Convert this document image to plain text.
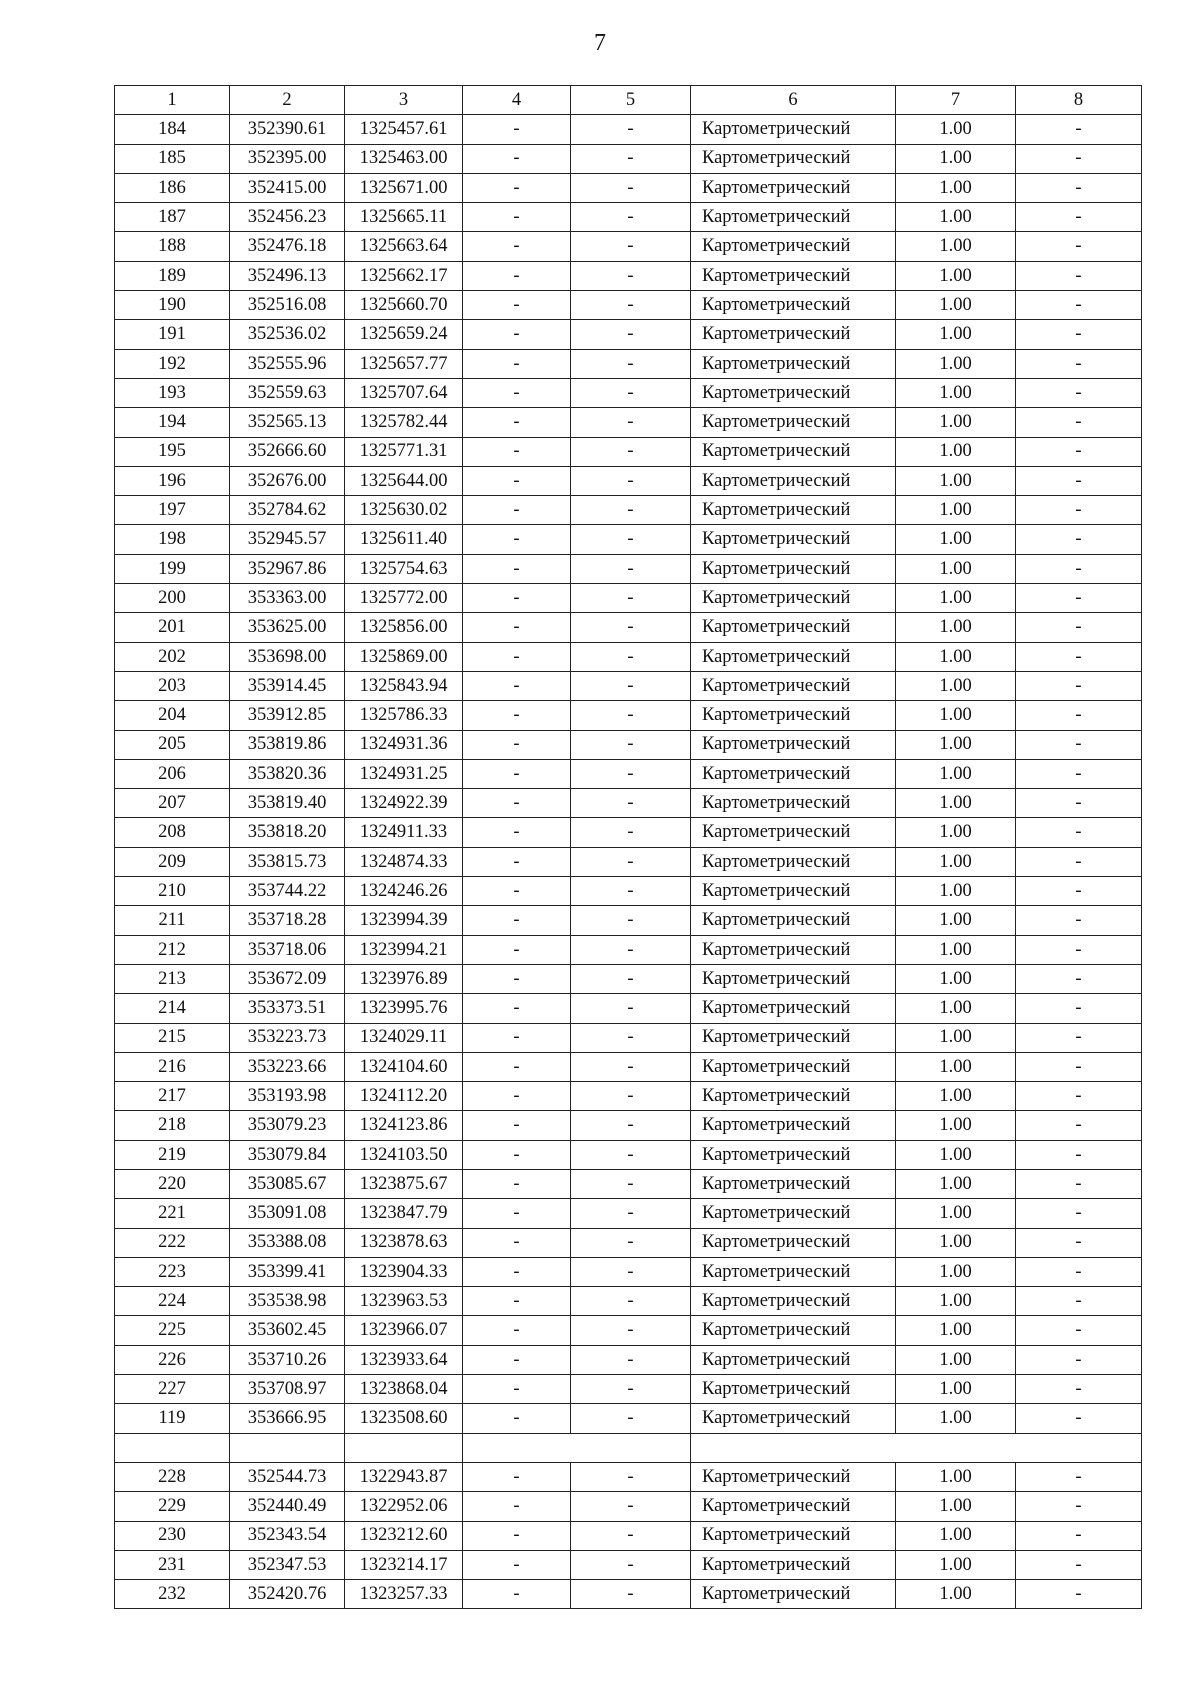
7
1	2	3	4	5	6	7	8
184	352390.61	1325457.61	-	-	Картометрический	1.00	-
185	352395.00	1325463.00	-	-	Картометрический	1.00	-
186	352415.00	1325671.00	-	-	Картометрический	1.00	-
187	352456.23	1325665.11	-	-	Картометрический	1.00	-
188	352476.18	1325663.64	-	-	Картометрический	1.00	-
189	352496.13	1325662.17	-	-	Картометрический	1.00	-
190	352516.08	1325660.70	-	-	Картометрический	1.00	-
191	352536.02	1325659.24	-	-	Картометрический	1.00	-
192	352555.96	1325657.77	-	-	Картометрический	1.00	-
193	352559.63	1325707.64	-	-	Картометрический	1.00	-
194	352565.13	1325782.44	-	-	Картометрический	1.00	-
195	352666.60	1325771.31	-	-	Картометрический	1.00	-
196	352676.00	1325644.00	-	-	Картометрический	1.00	-
197	352784.62	1325630.02	-	-	Картометрический	1.00	-
198	352945.57	1325611.40	-	-	Картометрический	1.00	-
199	352967.86	1325754.63	-	-	Картометрический	1.00	-
200	353363.00	1325772.00	-	-	Картометрический	1.00	-
201	353625.00	1325856.00	-	-	Картометрический	1.00	-
202	353698.00	1325869.00	-	-	Картометрический	1.00	-
203	353914.45	1325843.94	-	-	Картометрический	1.00	-
204	353912.85	1325786.33	-	-	Картометрический	1.00	-
205	353819.86	1324931.36	-	-	Картометрический	1.00	-
206	353820.36	1324931.25	-	-	Картометрический	1.00	-
207	353819.40	1324922.39	-	-	Картометрический	1.00	-
208	353818.20	1324911.33	-	-	Картометрический	1.00	-
209	353815.73	1324874.33	-	-	Картометрический	1.00	-
210	353744.22	1324246.26	-	-	Картометрический	1.00	-
211	353718.28	1323994.39	-	-	Картометрический	1.00	-
212	353718.06	1323994.21	-	-	Картометрический	1.00	-
213	353672.09	1323976.89	-	-	Картометрический	1.00	-
214	353373.51	1323995.76	-	-	Картометрический	1.00	-
215	353223.73	1324029.11	-	-	Картометрический	1.00	-
216	353223.66	1324104.60	-	-	Картометрический	1.00	-
217	353193.98	1324112.20	-	-	Картометрический	1.00	-
218	353079.23	1324123.86	-	-	Картометрический	1.00	-
219	353079.84	1324103.50	-	-	Картометрический	1.00	-
220	353085.67	1323875.67	-	-	Картометрический	1.00	-
221	353091.08	1323847.79	-	-	Картометрический	1.00	-
222	353388.08	1323878.63	-	-	Картометрический	1.00	-
223	353399.41	1323904.33	-	-	Картометрический	1.00	-
224	353538.98	1323963.53	-	-	Картометрический	1.00	-
225	353602.45	1323966.07	-	-	Картометрический	1.00	-
226	353710.26	1323933.64	-	-	Картометрический	1.00	-
227	353708.97	1323868.04	-	-	Картометрический	1.00	-
119	353666.95	1323508.60	-	-	Картометрический	1.00	-

228	352544.73	1322943.87	-	-	Картометрический	1.00	-
229	352440.49	1322952.06	-	-	Картометрический	1.00	-
230	352343.54	1323212.60	-	-	Картометрический	1.00	-
231	352347.53	1323214.17	-	-	Картометрический	1.00	-
232	352420.76	1323257.33	-	-	Картометрический	1.00	-
